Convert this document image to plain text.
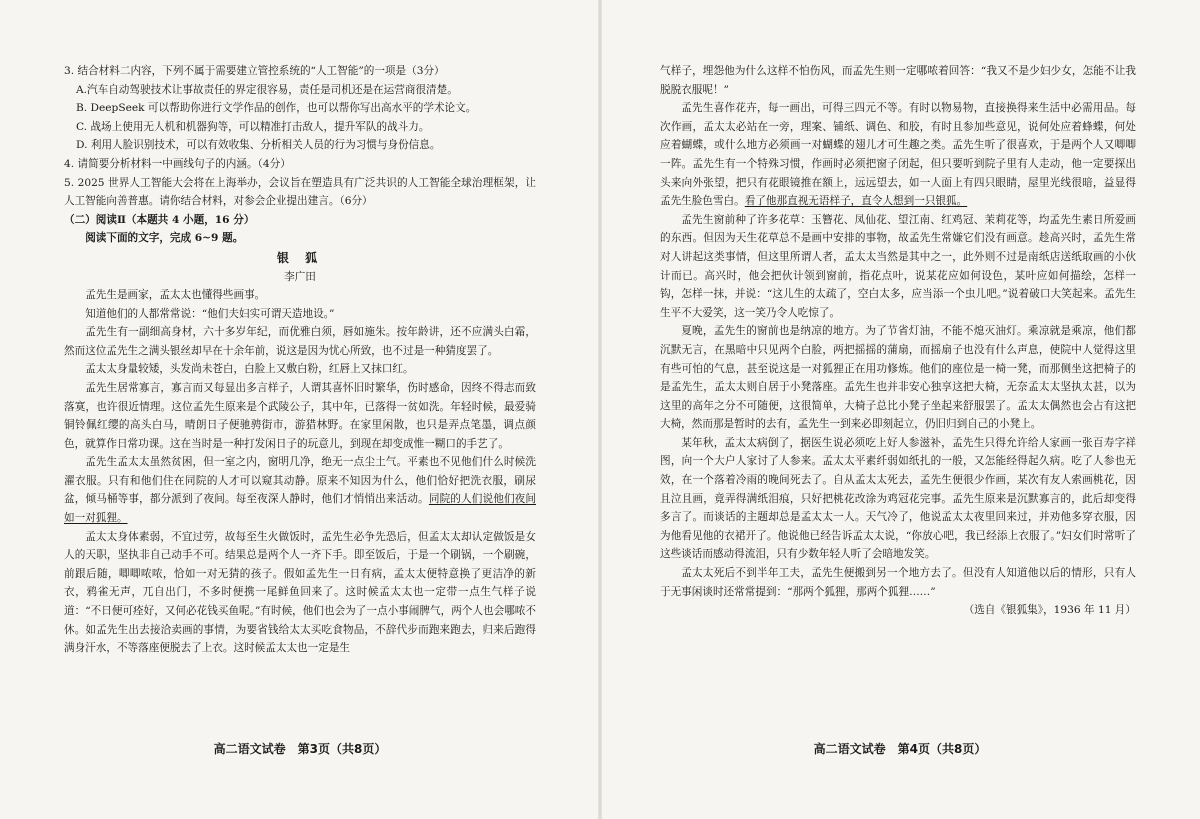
3. 结合材料二内容，下列不属于需要建立管控系统的“人工智能”的一项是（3分）

A.汽车自动驾驶技术让事故责任的界定很容易，责任是司机还是在运营商很清楚。

B. DeepSeek 可以帮助你进行文学作品的创作，也可以帮你写出高水平的学术论文。

C. 战场上使用无人机和机器狗等，可以精准打击敌人，提升军队的战斗力。

D. 利用人脸识别技术，可以有效收集、分析相关人员的行为习惯与身份信息。

4. 请简要分析材料一中画线句子的内涵。（4分）

5. 2025 世界人工智能大会将在上海举办，会议旨在塑造具有广泛共识的人工智能全球治理框架，让人工智能向善普惠。请你结合材料，对参会企业提出建言。（6分）

（二）阅读Ⅱ（本题共 4 小题，16 分）

阅读下面的文字，完成 6~9 题。

银 狐

李广田

孟先生是画家，孟太太也懂得些画事。

知道他们的人都常常说：“他们夫妇实可谓天造地设。”

孟先生有一副细高身材，六十多岁年纪，而优雅白须，唇如施朱。按年龄讲，还不应满头白霜，然而这位孟先生之满头银丝却早在十余年前，说这是因为忧心所致，也不过是一种猜度罢了。

孟太太身量较矮，头发尚未苍白，白脸上又敷白粉，红唇上又抹口红。

孟先生居常寡言，寡言而又每显出多言样子，人谓其喜怀旧时繁华，伤时感命，因终不得志而致落寞，也许很近情理。这位孟先生原来是个武陵公子，其中年，已落得一贫如洗。年轻时候，最爱骑铜铃佩红缨的高头白马，晴朗日子便驰骋街市，游猎林野。在家里闲散，也只是弄点笔墨，调点颜色，就算作日常功课。这在当时是一种打发闲日子的玩意儿，到现在却变成惟一糊口的手艺了。

孟先生孟太太虽然贫困，但一室之内，窗明几净，绝无一点尘土气。平素也不见他们什么时候洗濯衣服。只有和他们住在同院的人才可以窥其动静。原来不知因为什么，他们恰好把洗衣服，刷尿盆，倾马桶等事，都分派到了夜间。每至夜深人静时，他们才悄悄出来活动。同院的人们说他们夜间如一对狐狸。

孟太太身体素弱，不宜过劳，故每至生火做饭时，孟先生必争先恐后，但孟太太却认定做饭是女人的天职，坚执非自己动手不可。结果总是两个人一齐下手。即至饭后，于是一个刷锅，一个刷碗，前跟后随，唧唧哝哝，恰如一对无猜的孩子。假如孟先生一日有病，孟太太便特意换了更洁净的新衣，鸦雀无声，兀自出门，不多时便携一尾鲜鱼回来了。这时候孟太太也一定带一点生气样子说道：“不日便可痊好，又何必花钱买鱼呢。”有时候，他们也会为了一点小事闹脾气，两个人也会哪哝不休。如孟先生出去接洽卖画的事情，为要省钱给太太买吃食物品，不辞代步而跑来跑去，归来后跑得满身汗水，不等落座便脱去了上衣。这时候孟太太也一定是生

高二语文试卷　第3页（共8页）

气样子，埋怨他为什么这样不怕伤风，而孟先生则一定哪哝着回答：“我又不是少妇少女，怎能不让我脱脱衣服呢！”

孟先生喜作花卉，每一画出，可得三四元不等。有时以物易物，直接换得来生活中必需用品。每次作画，孟太太必站在一旁，理案、铺纸、调色、和胶，有时且参加些意见，说何处应着蜂蝶，何处应着蝴蝶，或什么地方必须画一对蝴蝶的翅儿才可生趣之类。孟先生听了很喜欢，于是两个人又唧唧一阵。孟先生有一个特殊习惯，作画时必须把窗子闭起，但只要听到院子里有人走动，他一定要探出头来向外张望，把只有花眼镜推在额上，远远望去，如一人面上有四只眼睛，屋里光线很暗，益显得孟先生脸色雪白。看了他那直视无语样子，直令人想到一只银狐。

孟先生窗前种了许多花草：玉簪花、凤仙花、望江南、红鸡冠、茉莉花等，均孟先生素日所爱画的东西。但因为天生花草总不是画中安排的事物，故孟先生常嫌它们没有画意。趁高兴时，孟先生常对人讲起这类事情，但这里所谓人者，孟太太当然是其中之一，此外则不过是南纸店送纸取画的小伙计而已。高兴时，他会把伙计领到窗前，指花点叶，说某花应如何设色，某叶应如何描绘，怎样一钩，怎样一抹，并说：“这儿生的太疏了，空白太多，应当添一个虫儿吧。”说着破口大笑起来。孟先生生平不大爱笑，这一笑乃令人吃惊了。

夏晚，孟先生的窗前也是纳凉的地方。为了节省灯油，不能不熄灭油灯。乘凉就是乘凉，他们都沉默无言，在黑暗中只见两个白脸，两把摇摇的蒲扇，而摇扇子也没有什么声息，使院中人觉得这里有些可怕的气息，甚至说这是一对狐狸正在用功修炼。他们的座位是一椅一凳，而那侧坐这把椅子的是孟先生，孟太太则自居于小凳落座。孟先生也并非安心独享这把大椅，无奈孟太太坚执太甚，以为这里的高年之分不可随便，这很简单，大椅子总比小凳子坐起来舒服罢了。孟太太偶然也会占有这把大椅，然而那是暂时的去有，孟先生一到来必即刻起立，仍旧归到自己的小凳上。

某年秋，孟太太病倒了，据医生说必须吃上好人参滋补，孟先生只得允许给人家画一张百寿字祥图，向一个大户人家讨了人参来。孟太太平素纤弱如纸扎的一般，又怎能经得起久病。吃了人参也无效，在一个落着冷雨的晚间死去了。自从孟太太死去，孟先生便很少作画，某次有友人索画桃花，因且泣且画，竟弄得满纸泪痕，只好把桃花改涂为鸡冠花完事。孟先生原来是沉默寡言的，此后却变得多言了。而谈话的主题却总是孟太太一人。天气冷了，他说孟太太夜里回来过，并劝他多穿衣服，因为他看见他的衣裙开了。他说他已经告诉孟太太说，“你放心吧，我已经添上衣服了。”妇女们时常听了这些谈话而感动得流泪，只有少数年轻人听了会暗地发笑。

孟太太死后不到半年工夫，孟先生便搬到另一个地方去了。但没有人知道他以后的情形，只有人于无事闲谈时还常常提到：“那两个狐狸，那两个狐狸……”

（选自《银狐集》，1936 年 11 月）

高二语文试卷　第4页（共8页）
